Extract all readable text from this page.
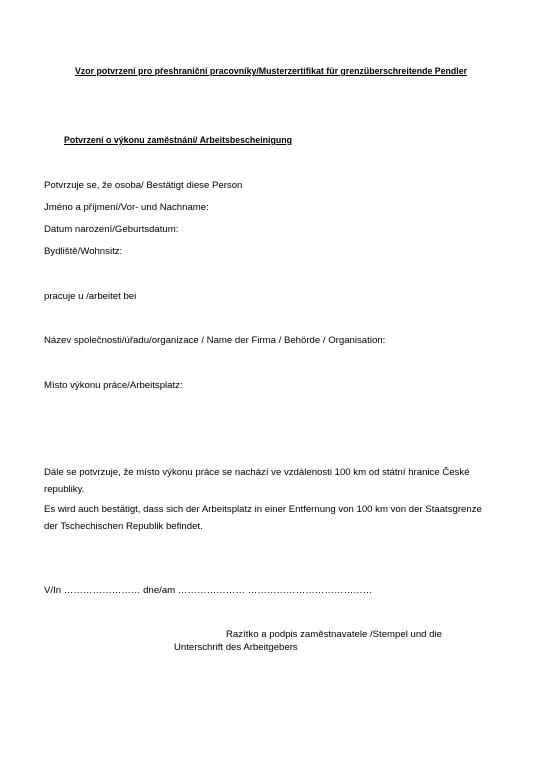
Vzor potvrzení pro přeshraniční pracovníky/Musterzertifikat für grenzüberschreitende Pendler
Potvrzení o výkonu zaměstnání/ Arbeitsbescheinigung
Potvrzuje se, že osoba/ Bestätigt diese Person
Jméno a příjmení/Vor- und Nachname:
Datum narození/Geburtsdatum:
Bydliště/Wohnsitz:
pracuje u /arbeitet bei
Název společnosti/úřadu/organizace / Name der Firma / Behörde / Organisation:
Místo výkonu práce/Arbeitsplatz:
Dále se potvrzuje, že místo výkonu práce se nachází ve vzdálenosti 100 km od státní hranice České republiky.
Es wird auch bestätigt, dass sich der Arbeitsplatz in einer Entfernung von 100 km von der Staatsgrenze der Tschechischen Republik befindet.
V/In …………………… dne/am ………………… …………………………………
Razítko a podpis zaměstnavatele /Stempel und die
Unterschrift des Arbeitgebers
